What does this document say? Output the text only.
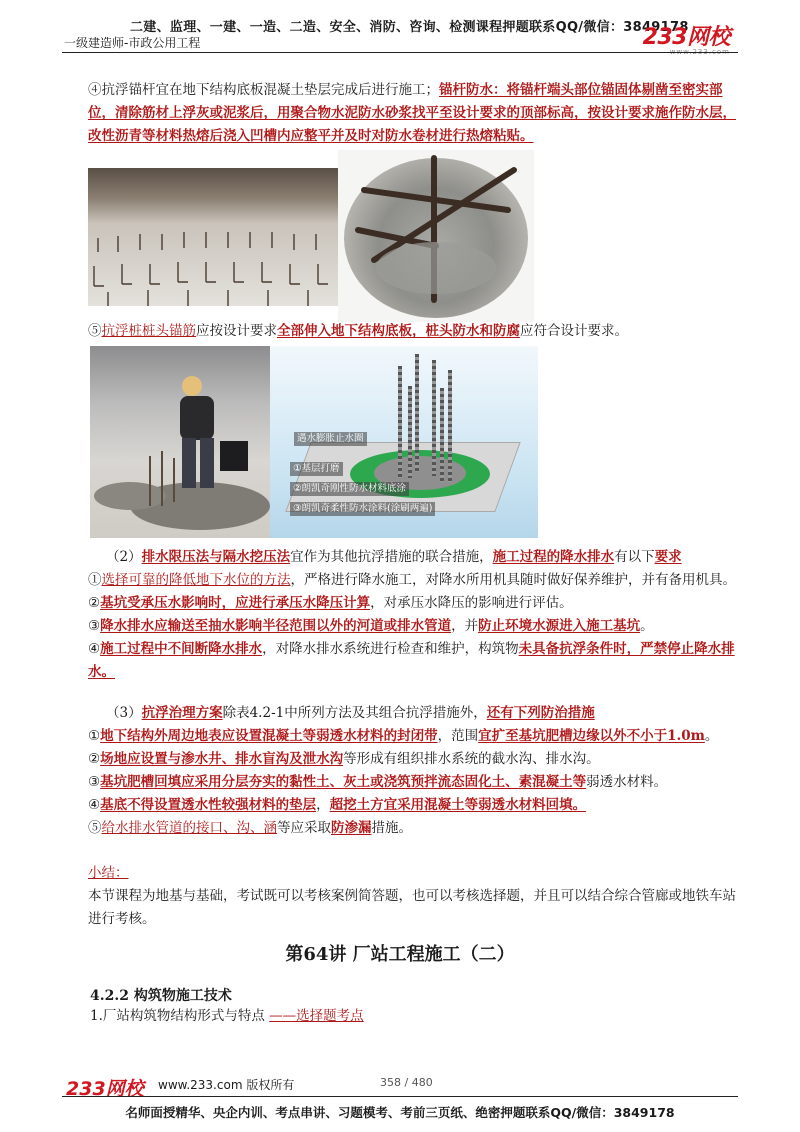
二建、监理、一建、一造、二造、安全、消防、咨询、检测课程押题联系QQ/微信：3849178
一级建造师-市政公用工程	233网校
www.233.com
④抗浮锚杆宜在地下结构底板混凝土垫层完成后进行施工；锚杆防水：将锚杆端头部位锚固体剔凿至密实部位，清除筋材上浮灰或泥浆后，用聚合物水泥防水砂浆找平至设计要求的顶部标高，按设计要求施作防水层，改性沥青等材料热熔后浇入凹槽内应整平并及时对防水卷材进行热熔粘贴。
⑤抗浮桩桩头锚筋应按设计要求全部伸入地下结构底板，桩头防水和防腐应符合设计要求。
遇水膨胀止水圈
①基层打磨
②朗凯奇刚性防水材料底涂
③朗凯奇柔性防水涂料(涂刷两遍)
（2）排水限压法与隔水挖压法宜作为其他抗浮措施的联合措施，施工过程的降水排水有以下要求
①选择可靠的降低地下水位的方法，严格进行降水施工，对降水所用机具随时做好保养维护，并有备用机具。
②基坑受承压水影响时，应进行承压水降压计算，对承压水降压的影响进行评估。
③降水排水应输送至抽水影响半径范围以外的河道或排水管道，并防止环境水源进入施工基坑。
④施工过程中不间断降水排水，对降水排水系统进行检查和维护，构筑物未具备抗浮条件时，严禁停止降水排水。
（3）抗浮治理方案除表4.2-1中所列方法及其组合抗浮措施外，还有下列防治措施
①地下结构外周边地表应设置混凝土等弱透水材料的封闭带，范围宜扩至基坑肥槽边缘以外不小于1.0m。
②场地应设置与渗水井、排水盲沟及泄水沟等形成有组织排水系统的截水沟、排水沟。
③基坑肥槽回填应采用分层夯实的黏性土、灰土或浇筑预拌流态固化土、素混凝土等弱透水材料。
④基底不得设置透水性较强材料的垫层，超挖土方宜采用混凝土等弱透水材料回填。
⑤给水排水管道的接口、沟、涵等应采取防渗漏措施。
小结：
本节课程为地基与基础，考试既可以考核案例简答题，也可以考核选择题，并且可以结合综合管廊或地铁车站进行考核。
第64讲 厂站工程施工（二）
4.2.2 构筑物施工技术
1.厂站构筑物结构形式与特点 ——选择题考点
233网校 www.233.com 版权所有	358 / 480
名师面授精华、央企内训、考点串讲、习题模考、考前三页纸、绝密押题联系QQ/微信：3849178
